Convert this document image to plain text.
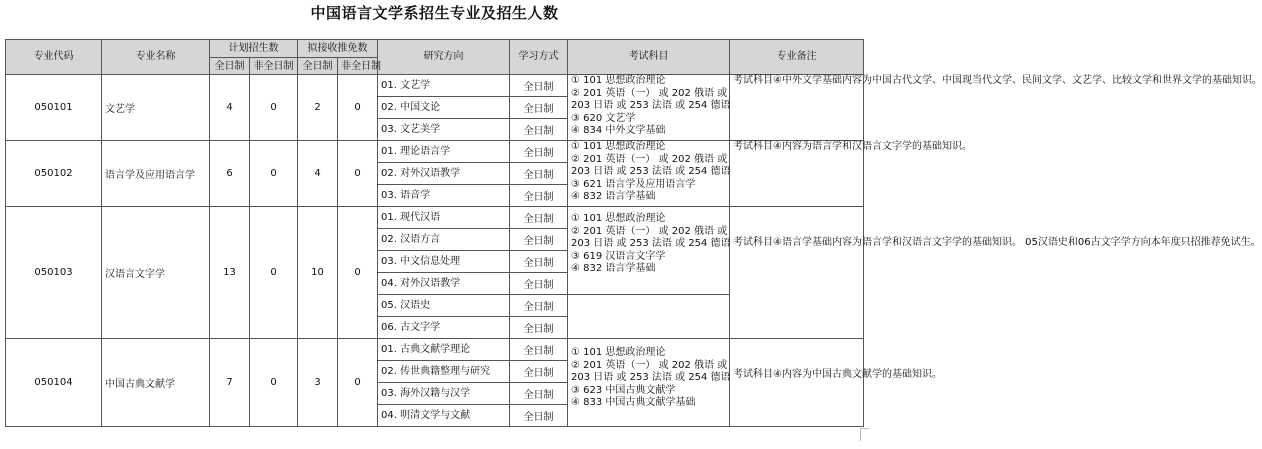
中国语言文学系招生专业及招生人数
专业代码	专业名称	计划招生数		拟接收推免数		研究方向	学习方式	考试科目	专业备注
		全日制	非全日制	全日制	非全日制				
050101	文艺学	4	0	2	0	01. 文艺学	全日制	① 101 思想政治理论
② 201 英语（一） 或 202 俄语 或
203 日语 或 253 法语 或 254 德语
③ 620 文艺学
④ 834 中外文学基础	考试科目④中外文学基础内容为中国古代文学、中国现当代文学、民间文学、文艺学、比较文学和世界文学的基础知识。
						02. 中国文论	全日制		
						03. 文艺美学	全日制		
050102	语言学及应用语言学	6	0	4	0	01. 理论语言学	全日制	① 101 思想政治理论
② 201 英语（一） 或 202 俄语 或
203 日语 或 253 法语 或 254 德语
③ 621 语言学及应用语言学
④ 832 语言学基础	考试科目④内容为语言学和汉语言文字学的基础知识。
						02. 对外汉语教学	全日制		
						03. 语音学	全日制		
050103	汉语言文字学	13	0	10	0	01. 现代汉语	全日制	① 101 思想政治理论
② 201 英语（一） 或 202 俄语 或
203 日语 或 253 法语 或 254 德语
③ 619 汉语言文字学
④ 832 语言学基础	考试科目④语言学基础内容为语言学和汉语言文字学的基础知识。 05汉语史和06古文字学方向本年度只招推荐免试生。
						02. 汉语方言	全日制		
						03. 中文信息处理	全日制		
						04. 对外汉语教学	全日制		
						05. 汉语史	全日制		
						06. 古文字学	全日制		
050104	中国古典文献学	7	0	3	0	01. 古典文献学理论	全日制	① 101 思想政治理论
② 201 英语（一） 或 202 俄语 或
203 日语 或 253 法语 或 254 德语
③ 623 中国古典文献学
④ 833 中国古典文献学基础	考试科目④内容为中国古典文献学的基础知识。
						02. 传世典籍整理与研究	全日制		
						03. 海外汉籍与汉学	全日制		
						04. 明清文学与文献	全日制		
